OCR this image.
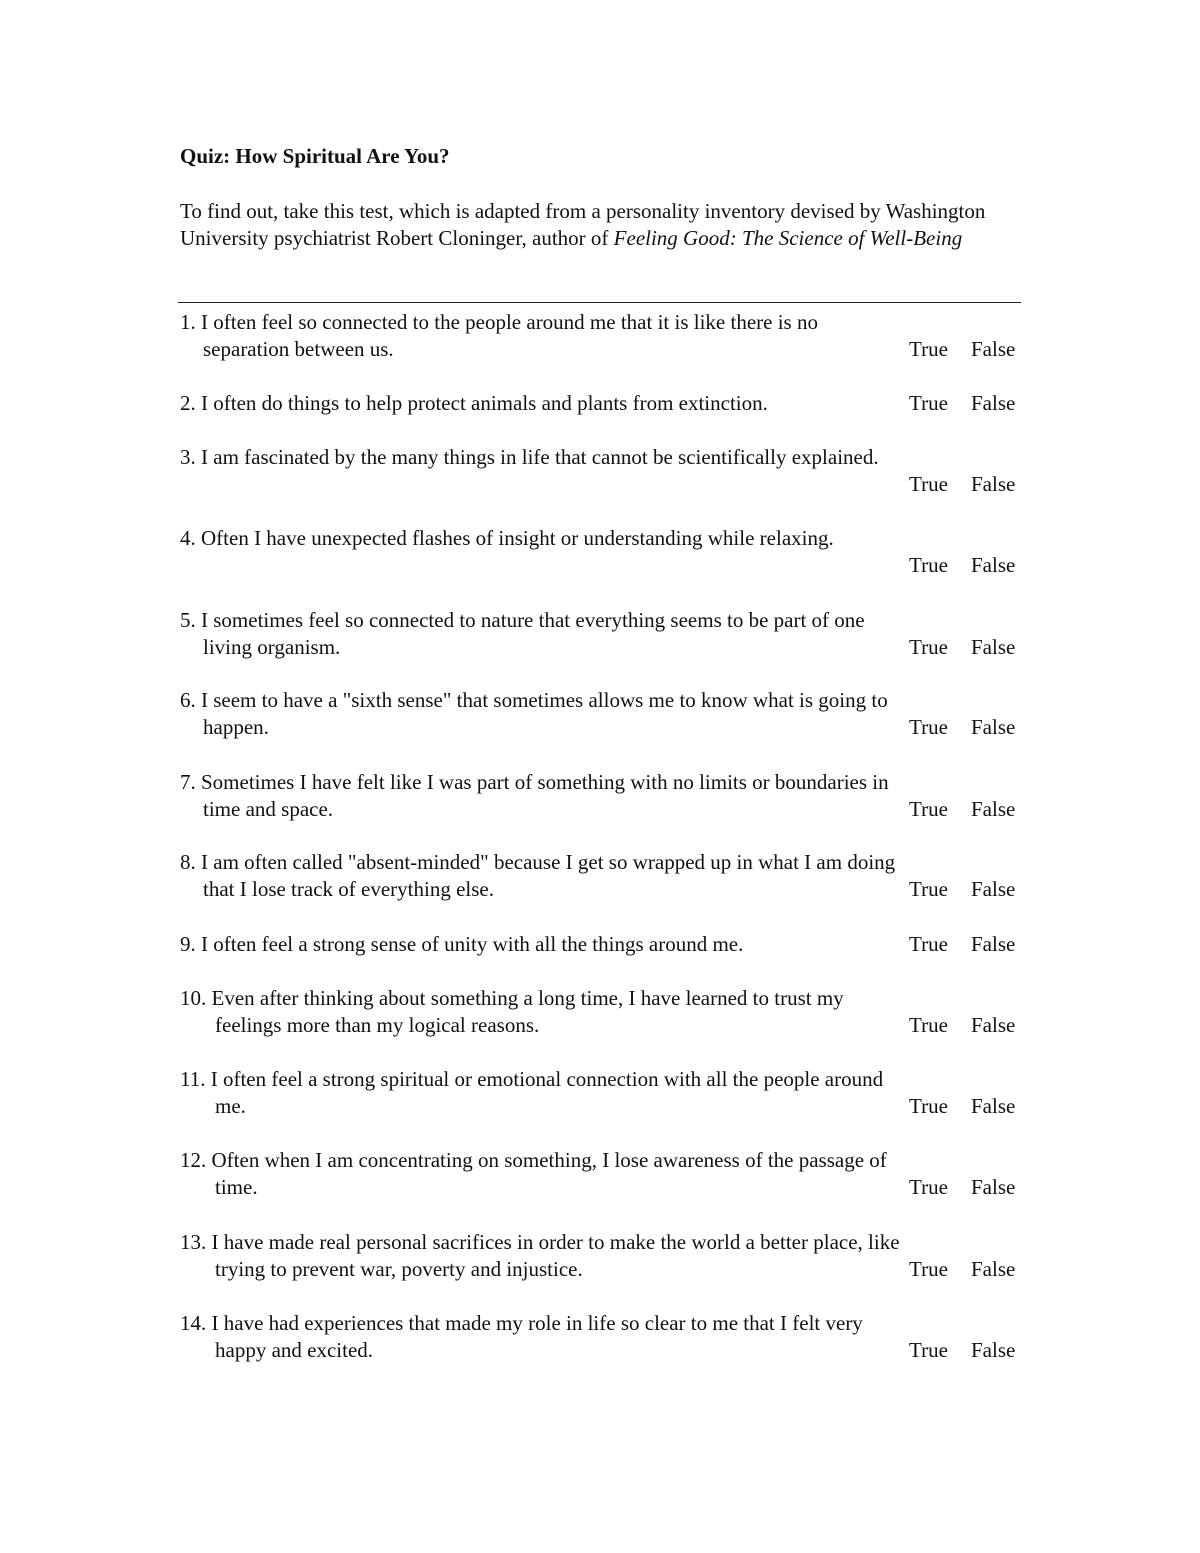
Quiz: How Spiritual Are You?
To find out, take this test, which is adapted from a personality inventory devised by Washington University psychiatrist Robert Cloninger, author of Feeling Good: The Science of Well-Being
1. I often feel so connected to the people around me that it is like there is no separation between us.	True False
2. I often do things to help protect animals and plants from extinction.	True False
3. I am fascinated by the many things in life that cannot be scientifically explained.
True False
4. Often I have unexpected flashes of insight or understanding while relaxing.
True False
5. I sometimes feel so connected to nature that everything seems to be part of one living organism.	True False
6. I seem to have a "sixth sense" that sometimes allows me to know what is going to happen.	True False
7. Sometimes I have felt like I was part of something with no limits or boundaries in time and space.	True False
8. I am often called "absent-minded" because I get so wrapped up in what I am doing that I lose track of everything else.	True False
9. I often feel a strong sense of unity with all the things around me.	True False
10. Even after thinking about something a long time, I have learned to trust my feelings more than my logical reasons.	True False
11. I often feel a strong spiritual or emotional connection with all the people around me.	True False
12. Often when I am concentrating on something, I lose awareness of the passage of time.	True False
13. I have made real personal sacrifices in order to make the world a better place, like trying to prevent war, poverty and injustice.	True False
14. I have had experiences that made my role in life so clear to me that I felt very happy and excited.	True False
